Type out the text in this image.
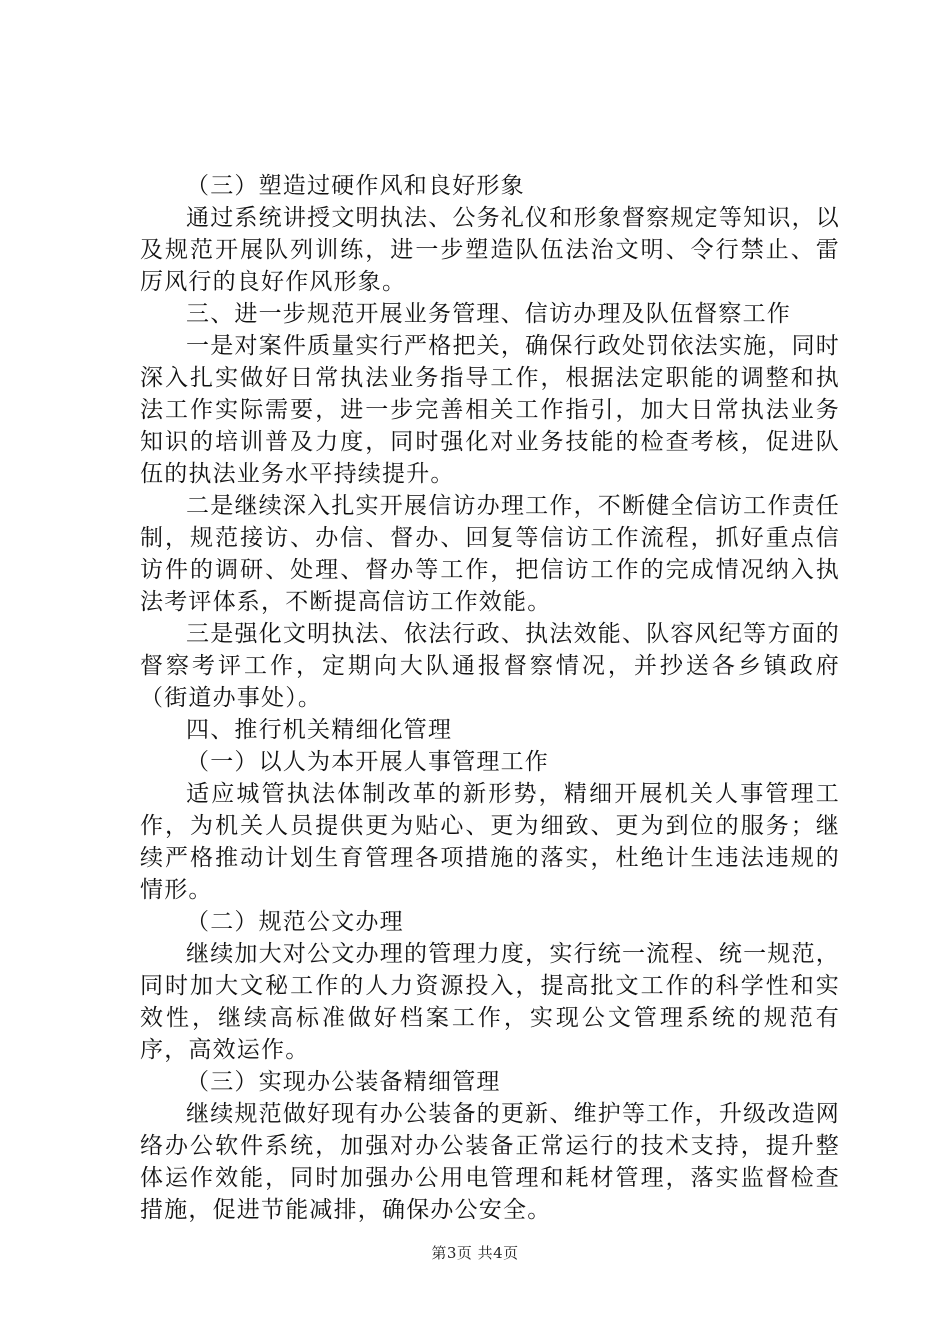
（三）塑造过硬作风和良好形象

通过系统讲授文明执法、公务礼仪和形象督察规定等知识，以及规范开展队列训练，进一步塑造队伍法治文明、令行禁止、雷厉风行的良好作风形象。

三、进一步规范开展业务管理、信访办理及队伍督察工作

一是对案件质量实行严格把关，确保行政处罚依法实施，同时深入扎实做好日常执法业务指导工作，根据法定职能的调整和执法工作实际需要，进一步完善相关工作指引，加大日常执法业务知识的培训普及力度，同时强化对业务技能的检查考核，促进队伍的执法业务水平持续提升。

二是继续深入扎实开展信访办理工作，不断健全信访工作责任制，规范接访、办信、督办、回复等信访工作流程，抓好重点信访件的调研、处理、督办等工作，把信访工作的完成情况纳入执法考评体系，不断提高信访工作效能。

三是强化文明执法、依法行政、执法效能、队容风纪等方面的督察考评工作，定期向大队通报督察情况，并抄送各乡镇政府（街道办事处）。

四、推行机关精细化管理

（一）以人为本开展人事管理工作

适应城管执法体制改革的新形势，精细开展机关人事管理工作，为机关人员提供更为贴心、更为细致、更为到位的服务；继续严格推动计划生育管理各项措施的落实，杜绝计生违法违规的情形。

（二）规范公文办理

继续加大对公文办理的管理力度，实行统一流程、统一规范，同时加大文秘工作的人力资源投入，提高批文工作的科学性和实效性，继续高标准做好档案工作，实现公文管理系统的规范有序，高效运作。

（三）实现办公装备精细管理

继续规范做好现有办公装备的更新、维护等工作，升级改造网络办公软件系统，加强对办公装备正常运行的技术支持，提升整体运作效能，同时加强办公用电管理和耗材管理，落实监督检查措施，促进节能减排，确保办公安全。

第3页 共4页
